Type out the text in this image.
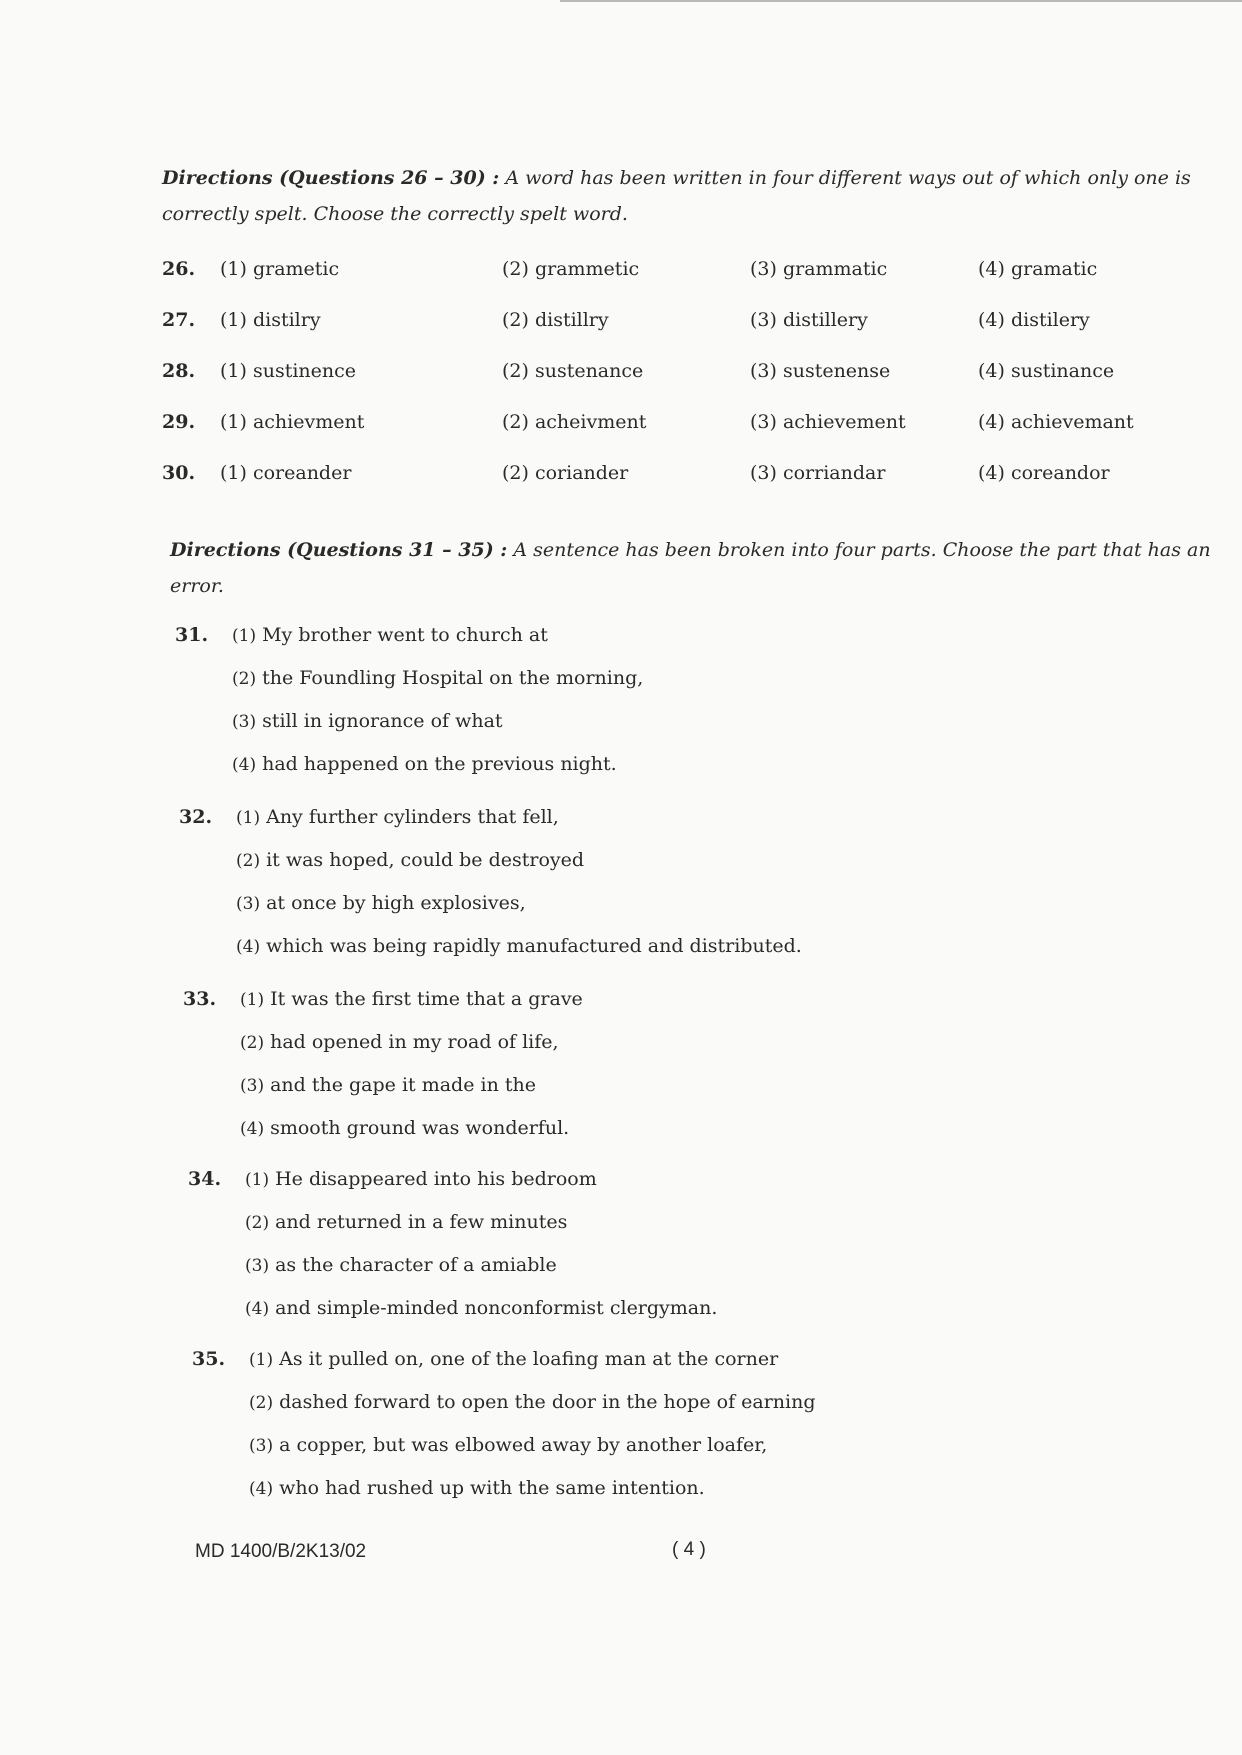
Directions (Questions 26 – 30) : A word has been written in four different ways out of which only one is correctly spelt. Choose the correctly spelt word.
26. (1) grametic	(2) grammetic	(3) grammatic	(4) gramatic
27. (1) distilry	(2) distillry	(3) distillery	(4) distilery
28. (1) sustinence	(2) sustenance	(3) sustenense	(4) sustinance
29. (1) achievment	(2) acheivment	(3) achievement	(4) achievemant
30. (1) coreander	(2) coriander	(3) corriandar	(4) coreandor
Directions (Questions 31 – 35) : A sentence has been broken into four parts. Choose the part that has an error.
31. (1) My brother went to church at
(2) the Foundling Hospital on the morning,
(3) still in ignorance of what
(4) had happened on the previous night.
32. (1) Any further cylinders that fell,
(2) it was hoped, could be destroyed
(3) at once by high explosives,
(4) which was being rapidly manufactured and distributed.
33. (1) It was the first time that a grave
(2) had opened in my road of life,
(3) and the gape it made in the
(4) smooth ground was wonderful.
34. (1) He disappeared into his bedroom
(2) and returned in a few minutes
(3) as the character of a amiable
(4) and simple-minded nonconformist clergyman.
35. (1) As it pulled on, one of the loafing man at the corner
(2) dashed forward to open the door in the hope of earning
(3) a copper, but was elbowed away by another loafer,
(4) who had rushed up with the same intention.
MD 1400/B/2K13/02	( 4 )
